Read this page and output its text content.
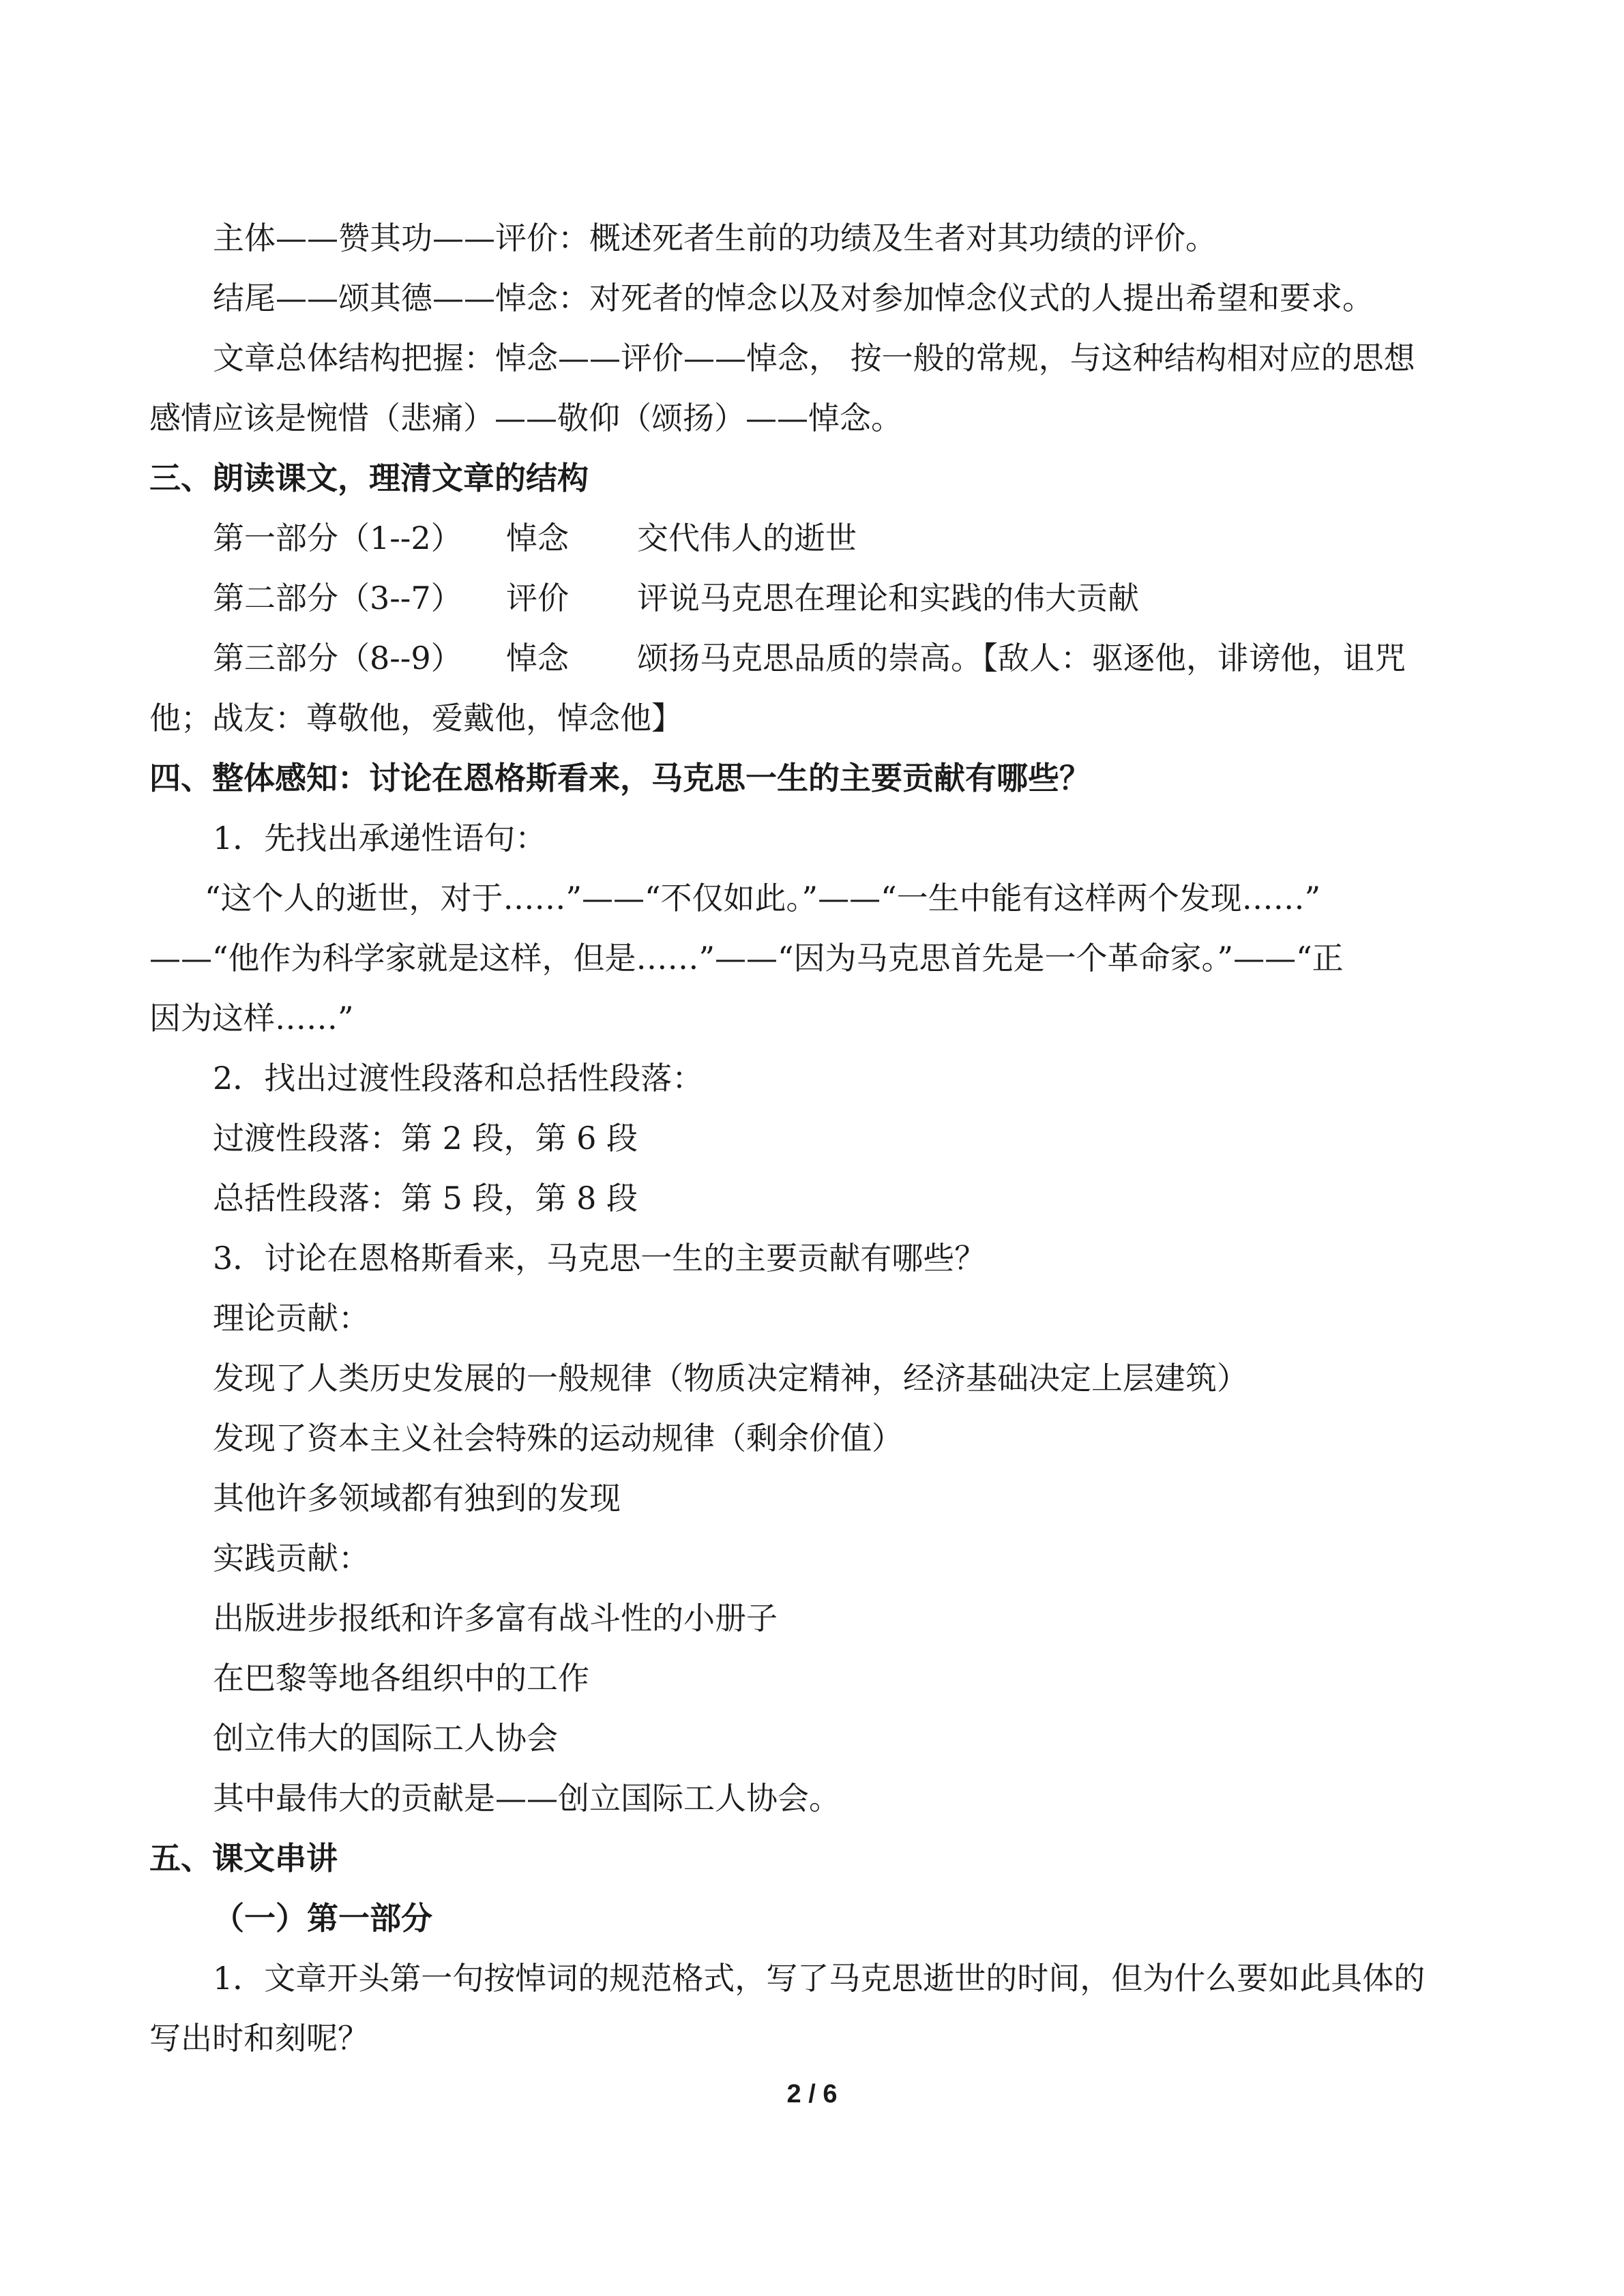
主体——赞其功——评价：概述死者生前的功绩及生者对其功绩的评价。
结尾——颂其德——悼念：对死者的悼念以及对参加悼念仪式的人提出希望和要求。
文章总体结构把握：悼念——评价——悼念， 按一般的常规，与这种结构相对应的思想
感情应该是惋惜（悲痛）——敬仰（颂扬）——悼念。
三、朗读课文，理清文章的结构
第一部分（1--2） 悼念 交代伟人的逝世
第二部分（3--7） 评价 评说马克思在理论和实践的伟大贡献
第三部分（8--9） 悼念 颂扬马克思品质的崇高。【敌人：驱逐他，诽谤他，诅咒
他；战友：尊敬他，爱戴他，悼念他】
四、整体感知：讨论在恩格斯看来，马克思一生的主要贡献有哪些？
1．先找出承递性语句：
“这个人的逝世，对于……”——“不仅如此。”——“一生中能有这样两个发现……”
——“他作为科学家就是这样，但是……”——“因为马克思首先是一个革命家。”——“正
因为这样……”
2．找出过渡性段落和总括性段落：
过渡性段落：第 2 段，第 6 段
总括性段落：第 5 段，第 8 段
3．讨论在恩格斯看来，马克思一生的主要贡献有哪些？
理论贡献：
发现了人类历史发展的一般规律（物质决定精神，经济基础决定上层建筑）
发现了资本主义社会特殊的运动规律（剩余价值）
其他许多领域都有独到的发现
实践贡献：
出版进步报纸和许多富有战斗性的小册子
在巴黎等地各组织中的工作
创立伟大的国际工人协会
其中最伟大的贡献是——创立国际工人协会。
五、课文串讲
（一）第一部分
1．文章开头第一句按悼词的规范格式，写了马克思逝世的时间，但为什么要如此具体的
写出时和刻呢？
2 / 6
